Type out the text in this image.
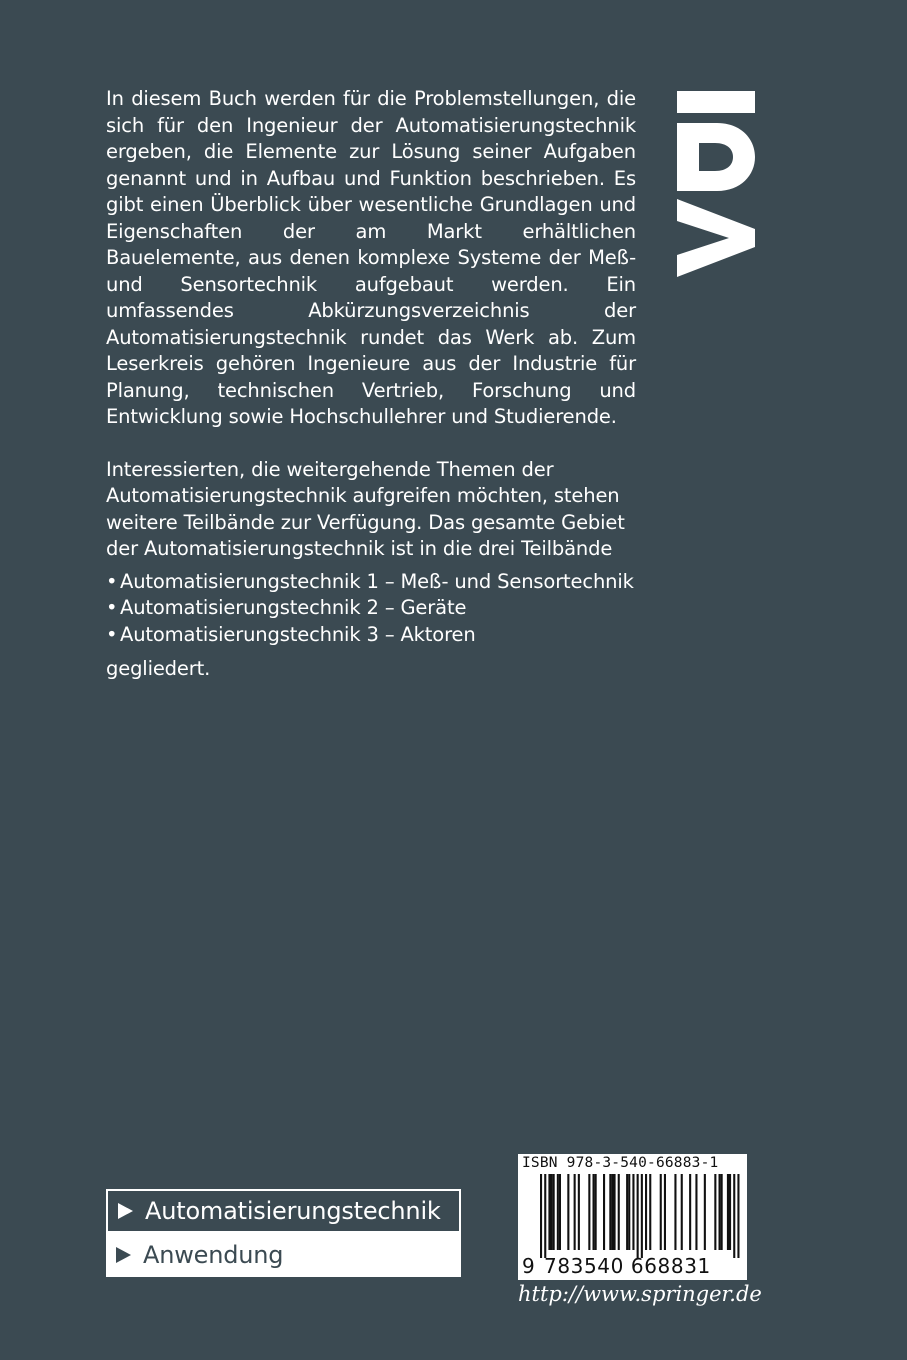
In diesem Buch werden für die Problemstellungen, die sich für den Ingenieur der Automatisierungstechnik ergeben, die Elemente zur Lösung seiner Aufgaben genannt und in Aufbau und Funktion beschrieben. Es gibt einen Überblick über wesentliche Grundlagen und Eigenschaften der am Markt erhältlichen Bauelemente, aus denen komplexe Systeme der Meß- und Sensortechnik aufgebaut werden. Ein umfassendes Abkürzungsverzeichnis der Automatisierungstechnik rundet das Werk ab. Zum Leserkreis gehören Ingenieure aus der Industrie für Planung, technischen Vertrieb, Forschung und Entwicklung sowie Hochschullehrer und Studierende.

Interessierten, die weitergehende Themen der Automatisierungstechnik aufgreifen möchten, stehen weitere Teilbände zur Verfügung. Das gesamte Gebiet der Automatisierungstechnik ist in die drei Teilbände

• Automatisierungstechnik 1 – Meß- und Sensortechnik
• Automatisierungstechnik 2 – Geräte
• Automatisierungstechnik 3 – Aktoren

gegliedert.

Automatisierungstechnik
Anwendung
ISBN 978-3-540-66883-1
9 783540 668831
http://www.springer.de
